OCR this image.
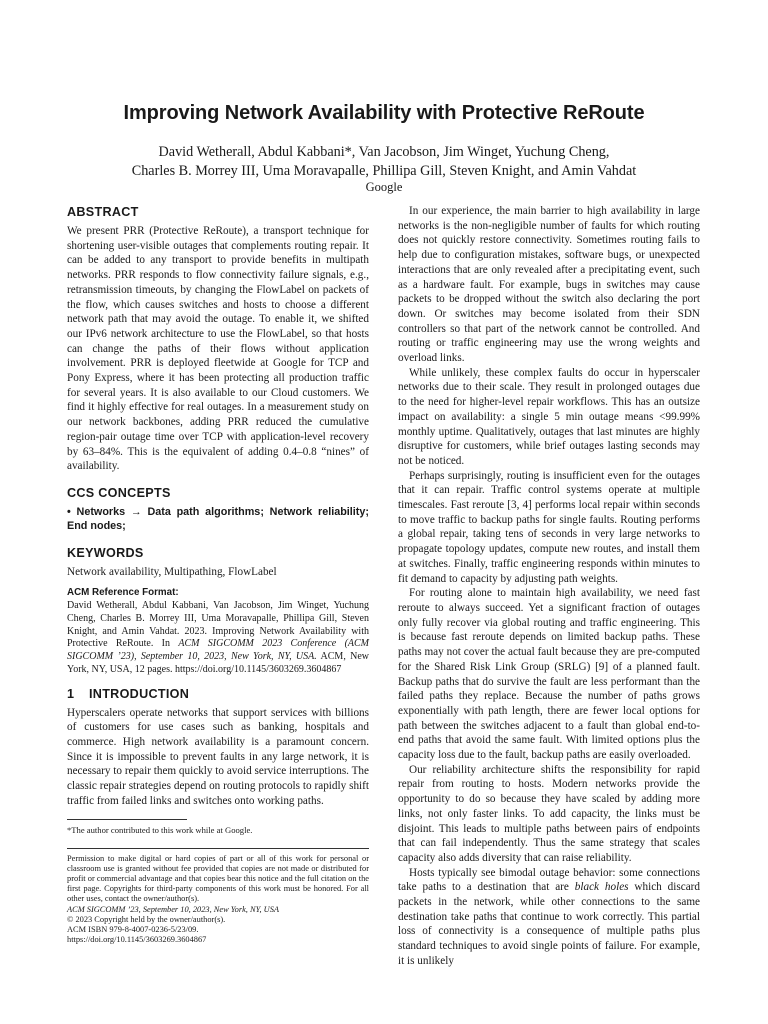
Improving Network Availability with Protective ReRoute
David Wetherall, Abdul Kabbani*, Van Jacobson, Jim Winget, Yuchung Cheng,
Charles B. Morrey III, Uma Moravapalle, Phillipa Gill, Steven Knight, and Amin Vahdat
Google
ABSTRACT

We present PRR (Protective ReRoute), a transport technique for shortening user-visible outages that complements routing repair. It can be added to any transport to provide benefits in multipath networks. PRR responds to flow connectivity failure signals, e.g., retransmission timeouts, by changing the FlowLabel on packets of the flow, which causes switches and hosts to choose a different network path that may avoid the outage. To enable it, we shifted our IPv6 network architecture to use the FlowLabel, so that hosts can change the paths of their flows without application involvement. PRR is deployed fleetwide at Google for TCP and Pony Express, where it has been protecting all production traffic for several years. It is also available to our Cloud customers. We find it highly effective for real outages. In a measurement study on our network backbones, adding PRR reduced the cumulative region-pair outage time over TCP with application-level recovery by 63–84%. This is the equivalent of adding 0.4–0.8 “nines” of availability.

CCS CONCEPTS

• Networks → Data path algorithms; Network reliability; End nodes;

KEYWORDS

Network availability, Multipathing, FlowLabel

ACM Reference Format:

David Wetherall, Abdul Kabbani, Van Jacobson, Jim Winget, Yuchung Cheng, Charles B. Morrey III, Uma Moravapalle, Phillipa Gill, Steven Knight, and Amin Vahdat. 2023. Improving Network Availability with Protective ReRoute. In ACM SIGCOMM 2023 Conference (ACM SIGCOMM ’23), September 10, 2023, New York, NY, USA. ACM, New York, NY, USA, 12 pages. https://doi.org/10.1145/3603269.3604867

1 INTRODUCTION

Hyperscalers operate networks that support services with billions of customers for use cases such as banking, hospitals and commerce. High network availability is a paramount concern. Since it is impossible to prevent faults in any large network, it is necessary to repair them quickly to avoid service interruptions. The classic repair strategies depend on routing protocols to rapidly shift traffic from failed links and switches onto working paths.

*The author contributed to this work while at Google.

Permission to make digital or hard copies of part or all of this work for personal or classroom use is granted without fee provided that copies are not made or distributed for profit or commercial advantage and that copies bear this notice and the full citation on the first page. Copyrights for third-party components of this work must be honored. For all other uses, contact the owner/author(s).

ACM SIGCOMM ’23, September 10, 2023, New York, NY, USA

© 2023 Copyright held by the owner/author(s).

ACM ISBN 979-8-4007-0236-5/23/09.

https://doi.org/10.1145/3603269.3604867

In our experience, the main barrier to high availability in large networks is the non-negligible number of faults for which routing does not quickly restore connectivity. Sometimes routing fails to help due to configuration mistakes, software bugs, or unexpected interactions that are only revealed after a precipitating event, such as a hardware fault. For example, bugs in switches may cause packets to be dropped without the switch also declaring the port down. Or switches may become isolated from their SDN controllers so that part of the network cannot be controlled. And routing or traffic engineering may use the wrong weights and overload links.

While unlikely, these complex faults do occur in hyperscaler networks due to their scale. They result in prolonged outages due to the need for higher-level repair workflows. This has an outsize impact on availability: a single 5 min outage means <99.99% monthly uptime. Qualitatively, outages that last minutes are highly disruptive for customers, while brief outages lasting seconds may not be noticed.

Perhaps surprisingly, routing is insufficient even for the outages that it can repair. Traffic control systems operate at multiple timescales. Fast reroute [3, 4] performs local repair within seconds to move traffic to backup paths for single faults. Routing performs a global repair, taking tens of seconds in very large networks to propagate topology updates, compute new routes, and install them at switches. Finally, traffic engineering responds within minutes to fit demand to capacity by adjusting path weights.

For routing alone to maintain high availability, we need fast reroute to always succeed. Yet a significant fraction of outages only fully recover via global routing and traffic engineering. This is because fast reroute depends on limited backup paths. These paths may not cover the actual fault because they are pre-computed for the Shared Risk Link Group (SRLG) [9] of a planned fault. Backup paths that do survive the fault are less performant than the failed paths they replace. Because the number of paths grows exponentially with path length, there are fewer local options for path between the switches adjacent to a fault than global end-to-end paths that avoid the same fault. With limited options plus the capacity loss due to the fault, backup paths are easily overloaded.

Our reliability architecture shifts the responsibility for rapid repair from routing to hosts. Modern networks provide the opportunity to do so because they have scaled by adding more links, not only faster links. To add capacity, the links must be disjoint. This leads to multiple paths between pairs of endpoints that can fail independently. Thus the same strategy that scales capacity also adds diversity that can raise reliability.

Hosts typically see bimodal outage behavior: some connections take paths to a destination that are black holes which discard packets in the network, while other connections to the same destination take paths that continue to work correctly. This partial loss of connectivity is a consequence of multiple paths plus standard techniques to avoid single points of failure. For example, it is unlikely
